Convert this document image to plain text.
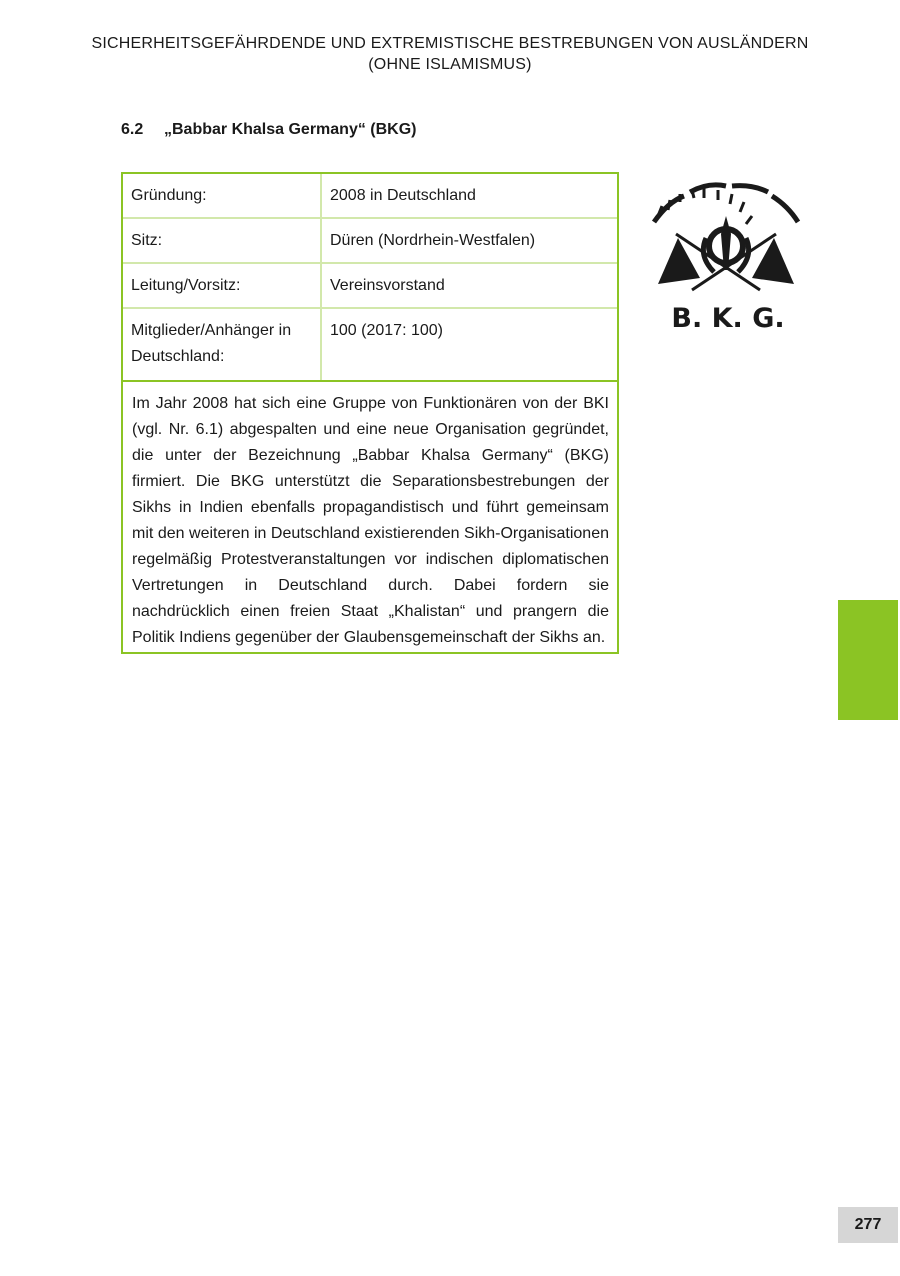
SICHERHEITSGEFÄHRDENDE UND EXTREMISTISCHE BESTREBUNGEN VON AUSLÄNDERN
(OHNE ISLAMISMUS)
6.2 „Babbar Khalsa Germany“ (BKG)
Gründung:	2008 in Deutschland
Sitz:	Düren (Nordrhein-Westfalen)
Leitung/Vorsitz:	Vereinsvorstand
Mitglieder/Anhänger in Deutschland:	100 (2017: 100)
Im Jahr 2008 hat sich eine Gruppe von Funktionären von der BKI (vgl. Nr. 6.1) abgespalten und eine neue Organisation gegründet, die unter der Bezeichnung „Babbar Khalsa Germany“ (BKG) firmiert. Die BKG unterstützt die Separationsbestrebungen der Sikhs in Indien ebenfalls propagandistisch und führt gemeinsam mit den weiteren in Deutschland existierenden Sikh-Organisationen regelmäßig Protestveranstaltungen vor indischen diplomatischen Vertretungen in Deutschland durch. Dabei fordern sie nachdrücklich einen freien Staat „Khalistan“ und prangern die Politik Indiens gegenüber der Glaubensgemeinschaft der Sikhs an.
B. K. G.
277
